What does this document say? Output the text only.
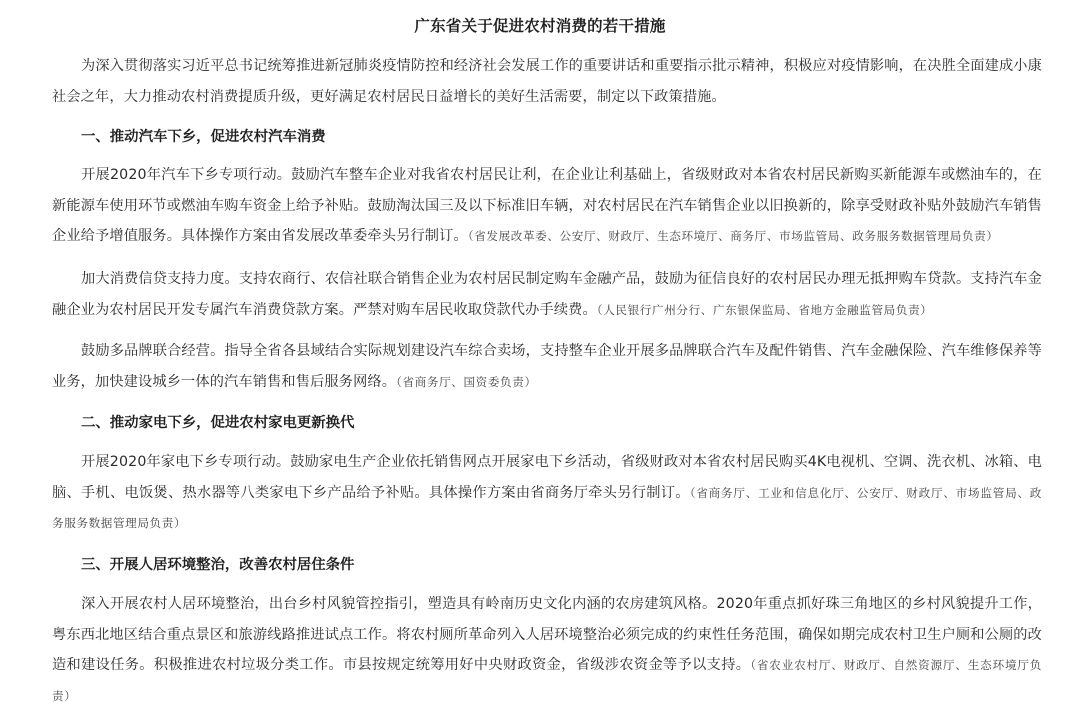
广东省关于促进农村消费的若干措施

为深入贯彻落实习近平总书记统筹推进新冠肺炎疫情防控和经济社会发展工作的重要讲话和重要指示批示精神，积极应对疫情影响，在决胜全面建成小康社会之年，大力推动农村消费提质升级，更好满足农村居民日益增长的美好生活需要，制定以下政策措施。

一、推动汽车下乡，促进农村汽车消费

开展2020年汽车下乡专项行动。鼓励汽车整车企业对我省农村居民让利，在企业让利基础上，省级财政对本省农村居民新购买新能源车或燃油车的，在新能源车使用环节或燃油车购车资金上给予补贴。鼓励淘汰国三及以下标准旧车辆，对农村居民在汽车销售企业以旧换新的，除享受财政补贴外鼓励汽车销售企业给予增值服务。具体操作方案由省发展改革委牵头另行制订。（省发展改革委、公安厅、财政厅、生态环境厅、商务厅、市场监管局、政务服务数据管理局负责）

加大消费信贷支持力度。支持农商行、农信社联合销售企业为农村居民制定购车金融产品，鼓励为征信良好的农村居民办理无抵押购车贷款。支持汽车金融企业为农村居民开发专属汽车消费贷款方案。严禁对购车居民收取贷款代办手续费。（人民银行广州分行、广东银保监局、省地方金融监管局负责）

鼓励多品牌联合经营。指导全省各县域结合实际规划建设汽车综合卖场，支持整车企业开展多品牌联合汽车及配件销售、汽车金融保险、汽车维修保养等业务，加快建设城乡一体的汽车销售和售后服务网络。（省商务厅、国资委负责）

二、推动家电下乡，促进农村家电更新换代

开展2020年家电下乡专项行动。鼓励家电生产企业依托销售网点开展家电下乡活动，省级财政对本省农村居民购买4K电视机、空调、洗衣机、冰箱、电脑、手机、电饭煲、热水器等八类家电下乡产品给予补贴。具体操作方案由省商务厅牵头另行制订。（省商务厅、工业和信息化厅、公安厅、财政厅、市场监管局、政务服务数据管理局负责）

三、开展人居环境整治，改善农村居住条件

深入开展农村人居环境整治，出台乡村风貌管控指引，塑造具有岭南历史文化内涵的农房建筑风格。2020年重点抓好珠三角地区的乡村风貌提升工作，粤东西北地区结合重点景区和旅游线路推进试点工作。将农村厕所革命列入人居环境整治必须完成的约束性任务范围，确保如期完成农村卫生户厕和公厕的改造和建设任务。积极推进农村垃圾分类工作。市县按规定统筹用好中央财政资金，省级涉农资金等予以支持。（省农业农村厅、财政厅、自然资源厅、生态环境厅负责）
